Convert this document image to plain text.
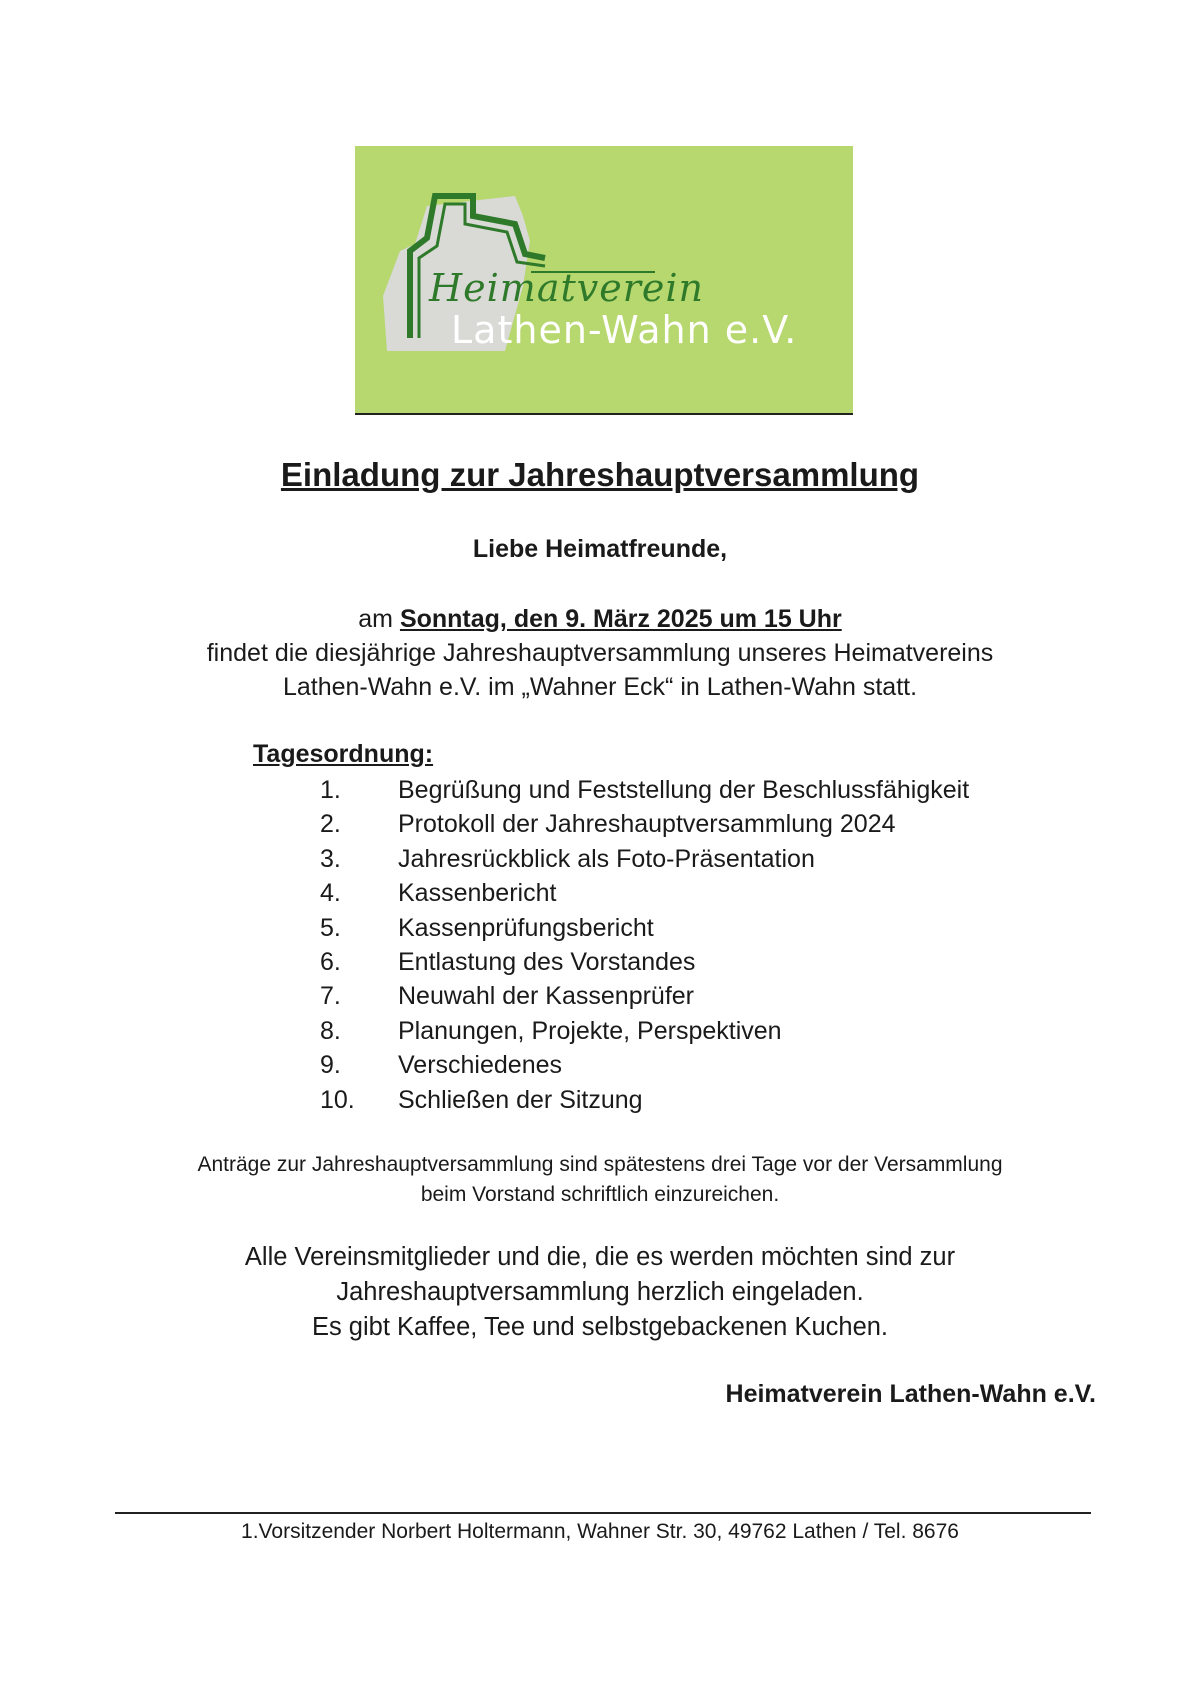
Heimatverein
Lathen-Wahn e.V.
Einladung zur Jahreshauptversammlung
Liebe Heimatfreunde,
am Sonntag, den 9. März 2025 um 15 Uhr
findet die diesjährige Jahreshauptversammlung unseres Heimatvereins
Lathen-Wahn e.V. im „Wahner Eck“ in Lathen-Wahn statt.
Tagesordnung:
1. Begrüßung und Feststellung der Beschlussfähigkeit
2. Protokoll der Jahreshauptversammlung 2024
3. Jahresrückblick als Foto-Präsentation
4. Kassenbericht
5. Kassenprüfungsbericht
6. Entlastung des Vorstandes
7. Neuwahl der Kassenprüfer
8. Planungen, Projekte, Perspektiven
9. Verschiedenes
10. Schließen der Sitzung
Anträge zur Jahreshauptversammlung sind spätestens drei Tage vor der Versammlung
beim Vorstand schriftlich einzureichen.
Alle Vereinsmitglieder und die, die es werden möchten sind zur
Jahreshauptversammlung herzlich eingeladen.
Es gibt Kaffee, Tee und selbstgebackenen Kuchen.
Heimatverein Lathen-Wahn e.V.
1.Vorsitzender Norbert Holtermann, Wahner Str. 30, 49762 Lathen / Tel. 8676
